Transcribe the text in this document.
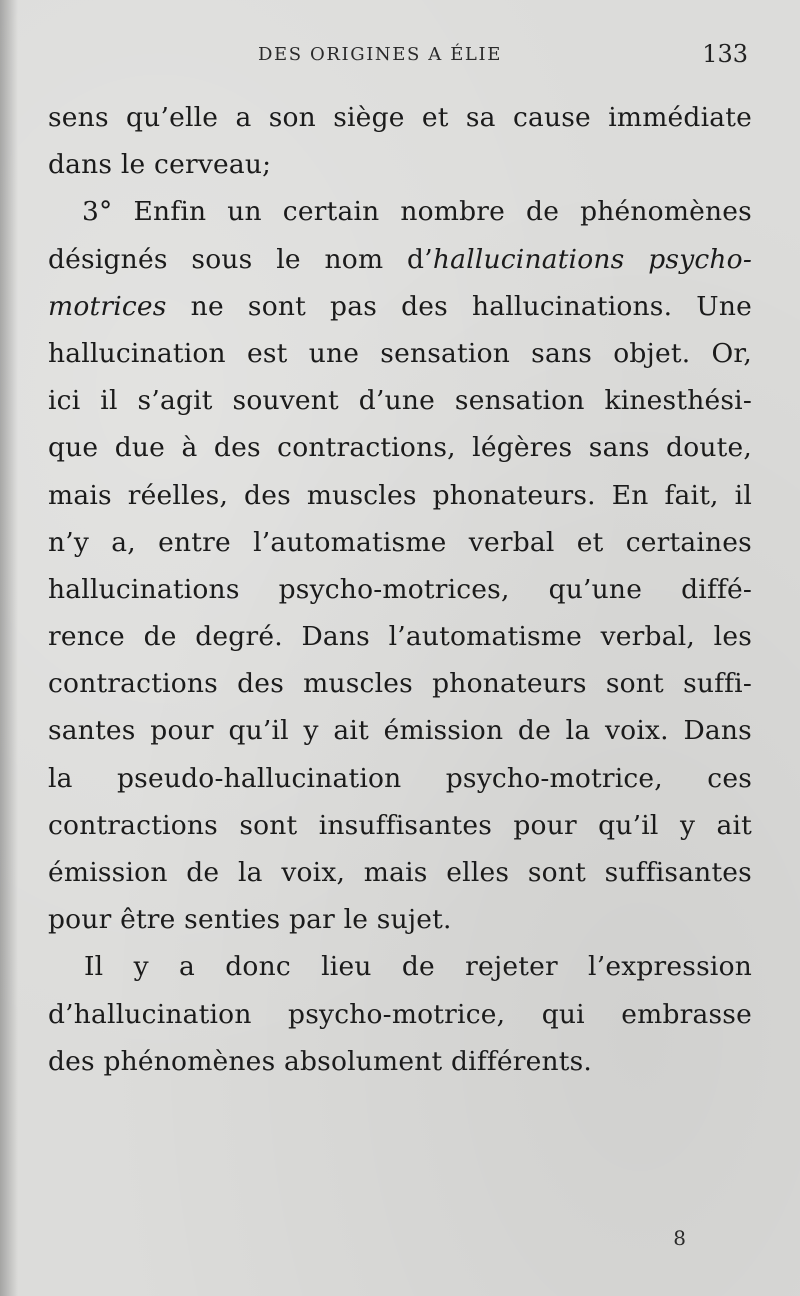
DES ORIGINES A ÉLIE	133
sens qu’elle a son siège et sa cause immédiate
dans le cerveau;
3° Enfin un certain nombre de phénomènes
désignés sous le nom d’hallucinations psycho-
motrices ne sont pas des hallucinations. Une
hallucination est une sensation sans objet. Or,
ici il s’agit souvent d’une sensation kinesthési-
que due à des contractions, légères sans doute,
mais réelles, des muscles phonateurs. En fait, il
n’y a, entre l’automatisme verbal et certaines
hallucinations psycho-motrices, qu’une diffé-
rence de degré. Dans l’automatisme verbal, les
contractions des muscles phonateurs sont suffi-
santes pour qu’il y ait émission de la voix. Dans
la pseudo-hallucination psycho-motrice, ces
contractions sont insuffisantes pour qu’il y ait
émission de la voix, mais elles sont suffisantes
pour être senties par le sujet.
Il y a donc lieu de rejeter l’expression
d’hallucination psycho-motrice, qui embrasse
des phénomènes absolument différents.
8
